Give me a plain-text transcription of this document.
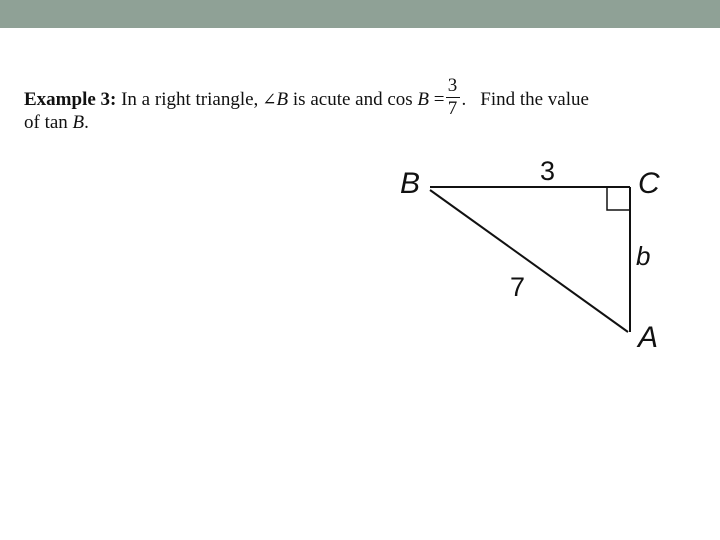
Example 3: In a right triangle, ∠B is acute and $\cos B = \frac{3}{7}$ . Find the value
of tan B.
B	C
A
3
b
7
